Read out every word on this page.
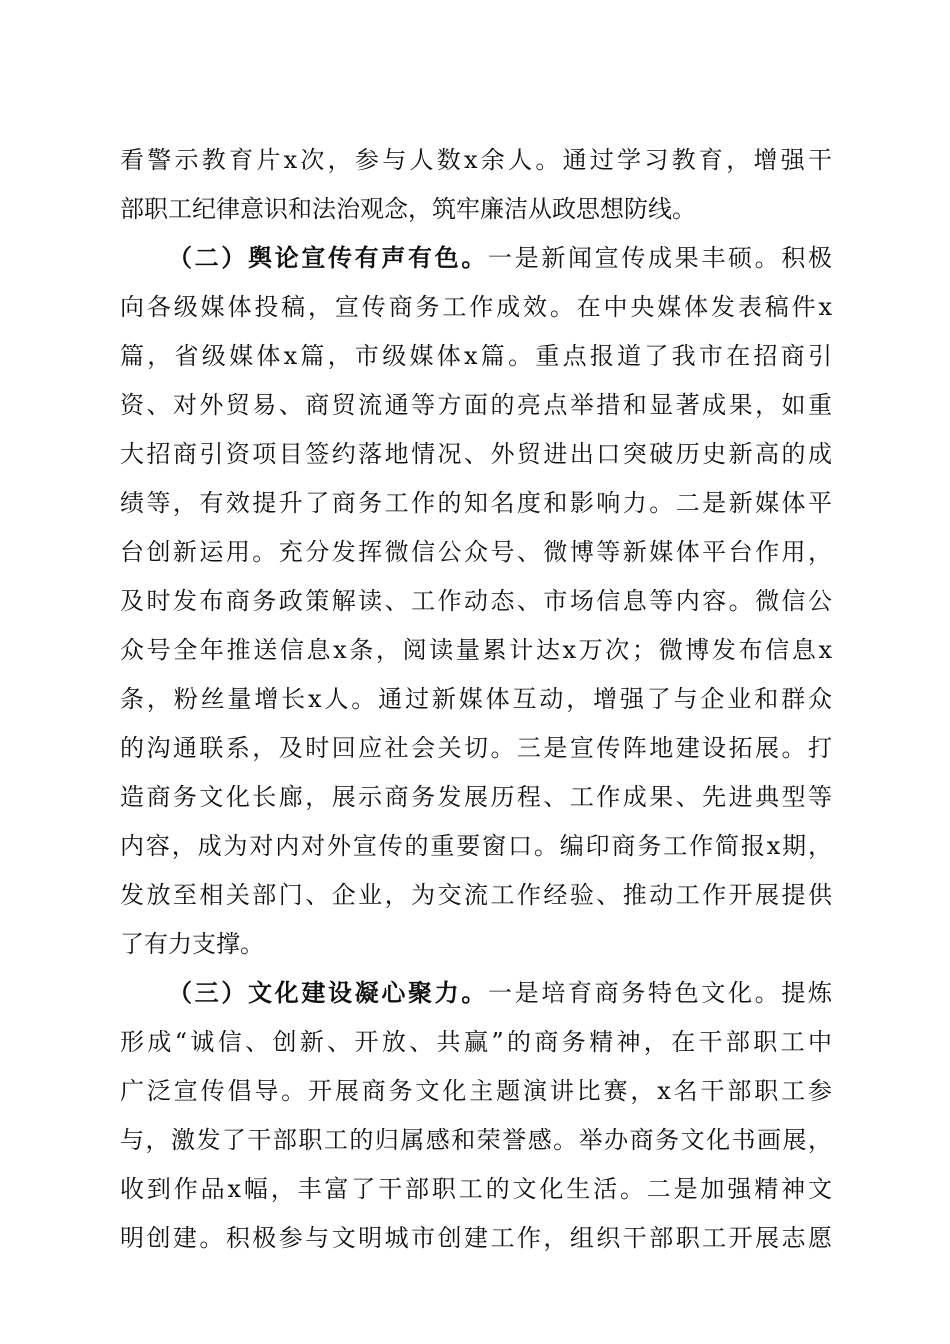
看警示教育片x次，参与人数x余人。通过学习教育，增强干
部职工纪律意识和法治观念，筑牢廉洁从政思想防线。
（二）舆论宣传有声有色。一是新闻宣传成果丰硕。积极
向各级媒体投稿，宣传商务工作成效。在中央媒体发表稿件x
篇，省级媒体x篇，市级媒体x篇。重点报道了我市在招商引
资、对外贸易、商贸流通等方面的亮点举措和显著成果，如重
大招商引资项目签约落地情况、外贸进出口突破历史新高的成
绩等，有效提升了商务工作的知名度和影响力。二是新媒体平
台创新运用。充分发挥微信公众号、微博等新媒体平台作用，
及时发布商务政策解读、工作动态、市场信息等内容。微信公
众号全年推送信息x条，阅读量累计达x万次；微博发布信息x
条，粉丝量增长x人。通过新媒体互动，增强了与企业和群众
的沟通联系，及时回应社会关切。三是宣传阵地建设拓展。打
造商务文化长廊，展示商务发展历程、工作成果、先进典型等
内容，成为对内对外宣传的重要窗口。编印商务工作简报x期，
发放至相关部门、企业，为交流工作经验、推动工作开展提供
了有力支撑。
（三）文化建设凝心聚力。一是培育商务特色文化。提炼
形成“诚信、创新、开放、共赢”的商务精神，在干部职工中
广泛宣传倡导。开展商务文化主题演讲比赛，x名干部职工参
与，激发了干部职工的归属感和荣誉感。举办商务文化书画展，
收到作品x幅，丰富了干部职工的文化生活。二是加强精神文
明创建。积极参与文明城市创建工作，组织干部职工开展志愿
